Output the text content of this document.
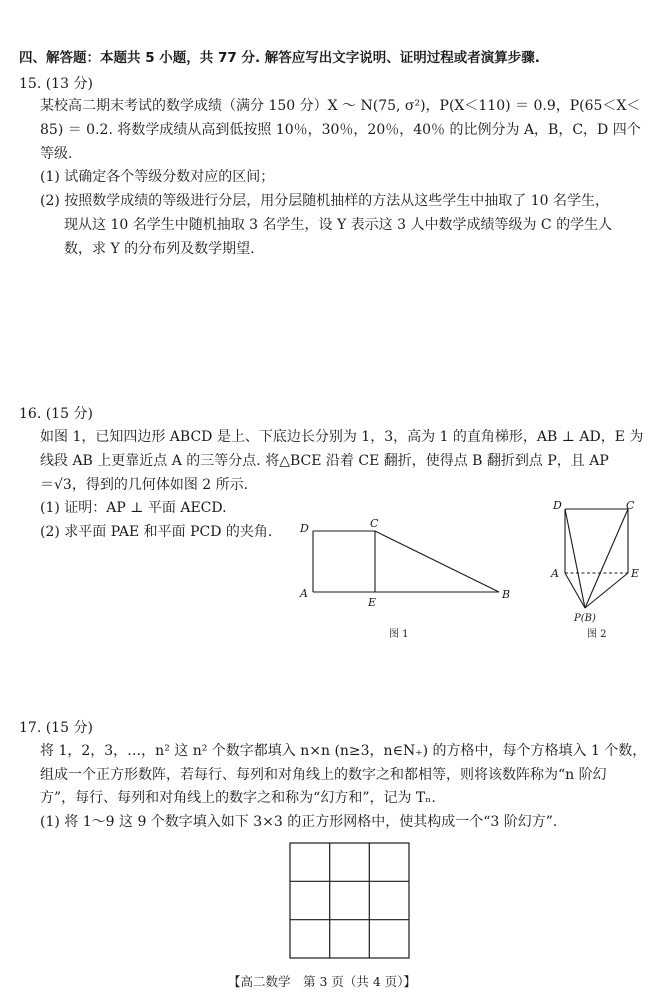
四、解答题：本题共 5 小题，共 77 分. 解答应写出文字说明、证明过程或者演算步骤.
15. (13 分)
某校高二期末考试的数学成绩（满分 150 分）X ～ N(75, σ²)，P(X＜110) ＝ 0.9，P(65＜X＜
85) ＝ 0.2. 将数学成绩从高到低按照 10％，30％，20％，40％ 的比例分为 A，B，C，D 四个
等级.
(1) 试确定各个等级分数对应的区间；
(2) 按照数学成绩的等级进行分层，用分层随机抽样的方法从这些学生中抽取了 10 名学生，
现从这 10 名学生中随机抽取 3 名学生，设 Y 表示这 3 人中数学成绩等级为 C 的学生人
数，求 Y 的分布列及数学期望.
16. (15 分)
如图 1，已知四边形 ABCD 是上、下底边长分别为 1，3，高为 1 的直角梯形，AB ⊥ AD，E 为
线段 AB 上更靠近点 A 的三等分点. 将△BCE 沿着 CE 翻折，使得点 B 翻折到点 P，且 AP
＝√3，得到的几何体如图 2 所示.
(1) 证明：AP ⊥ 平面 AECD.
(2) 求平面 PAE 和平面 PCD 的夹角.	D	C
A
E
B
图 1
D	C
A	E
P(B)
图 2
17. (15 分)
将 1，2，3，…，n² 这 n² 个数字都填入 n×n (n≥3，n∈N₊) 的方格中，每个方格填入 1 个数，
组成一个正方形数阵，若每行、每列和对角线上的数字之和都相等，则将该数阵称为“n 阶幻
方”，每行、每列和对角线上的数字之和称为“幻方和”，记为 Tₙ.
(1) 将 1～9 这 9 个数字填入如下 3×3 的正方形网格中，使其构成一个“3 阶幻方”.
【高二数学　第 3 页（共 4 页）】
